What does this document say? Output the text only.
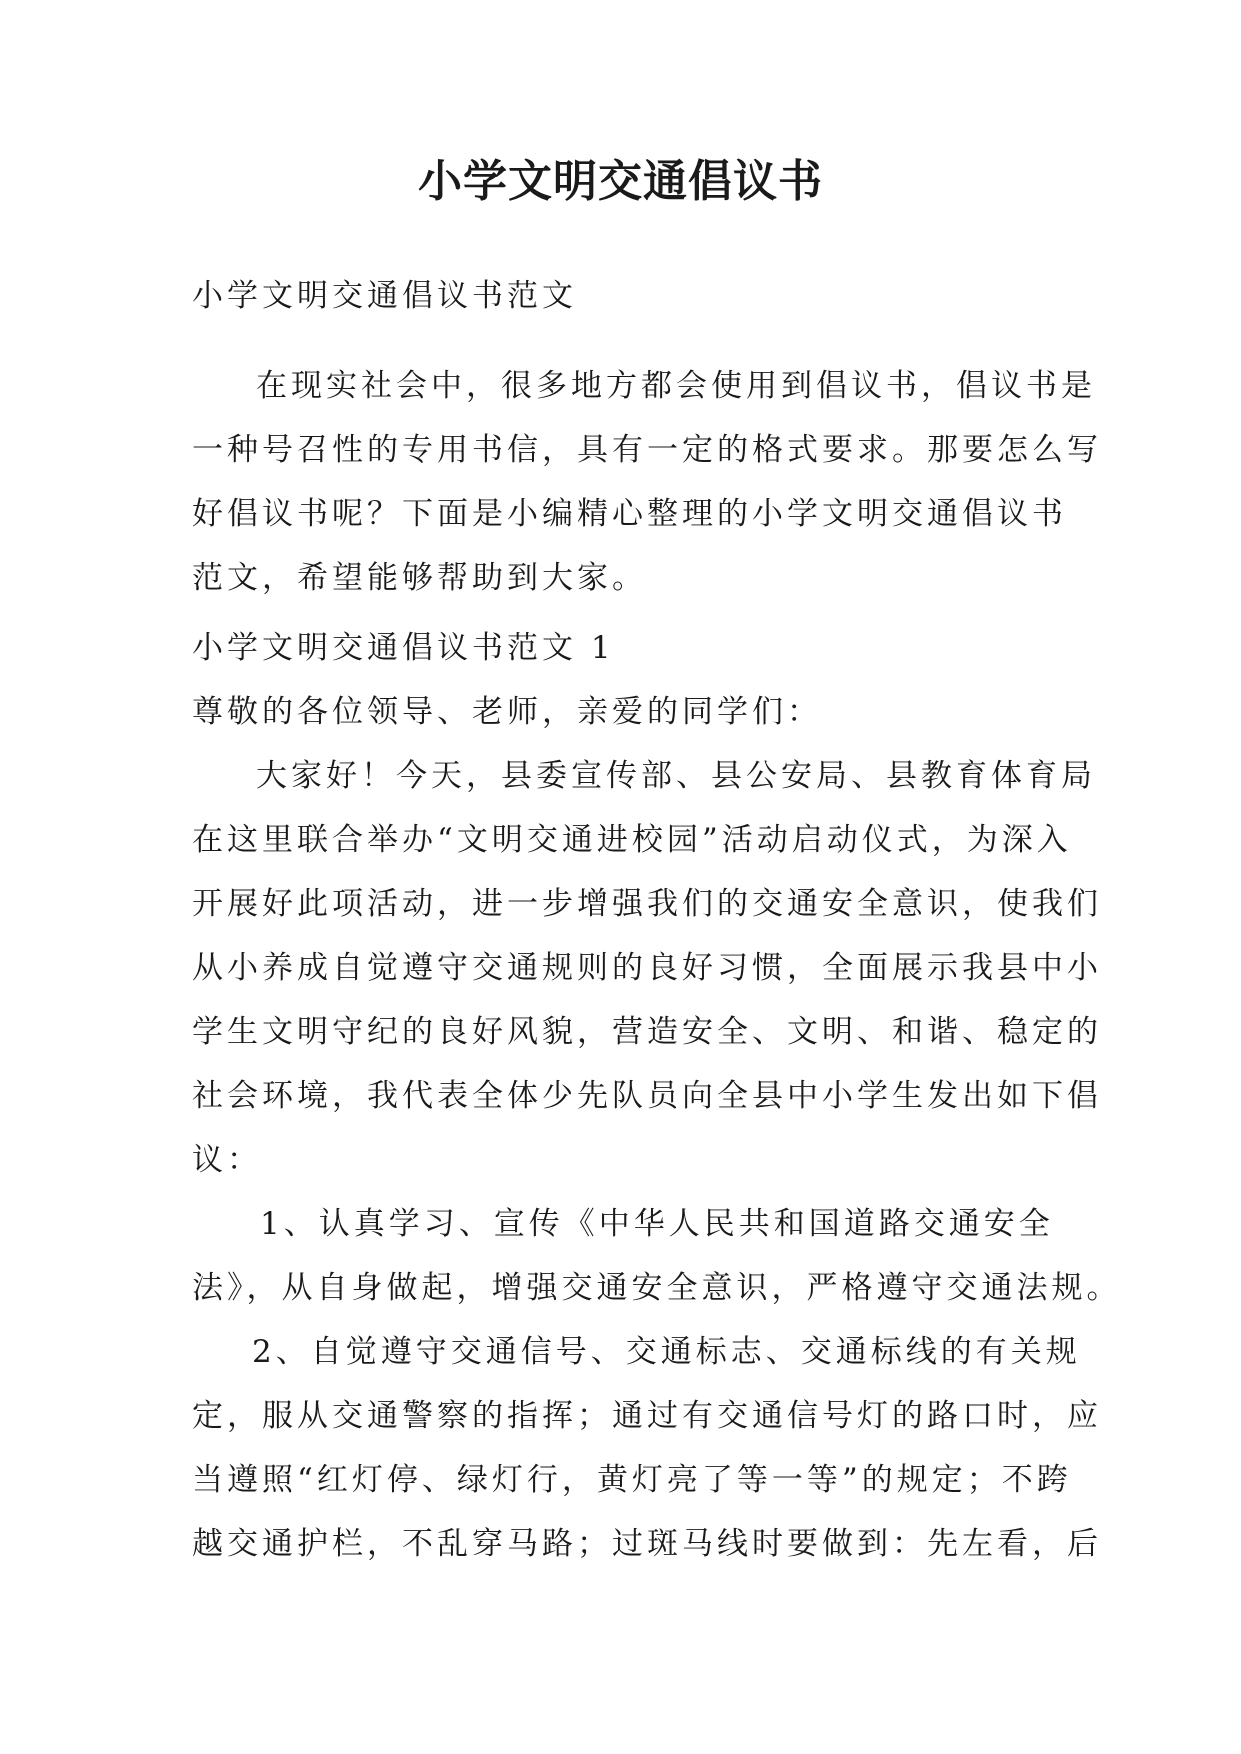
小学文明交通倡议书
小学文明交通倡议书范文
在现实社会中，很多地方都会使用到倡议书，倡议书是
一种号召性的专用书信，具有一定的格式要求。那要怎么写
好倡议书呢？下面是小编精心整理的小学文明交通倡议书
范文，希望能够帮助到大家。
小学文明交通倡议书范文 1
尊敬的各位领导、老师，亲爱的同学们：
大家好！今天，县委宣传部、县公安局、县教育体育局
在这里联合举办“文明交通进校园”活动启动仪式，为深入
开展好此项活动，进一步增强我们的交通安全意识，使我们
从小养成自觉遵守交通规则的良好习惯，全面展示我县中小
学生文明守纪的良好风貌，营造安全、文明、和谐、稳定的
社会环境，我代表全体少先队员向全县中小学生发出如下倡
议：
1、认真学习、宣传《中华人民共和国道路交通安全
法》，从自身做起，增强交通安全意识，严格遵守交通法规。
2、自觉遵守交通信号、交通标志、交通标线的有关规
定，服从交通警察的指挥；通过有交通信号灯的路口时，应
当遵照“红灯停、绿灯行，黄灯亮了等一等”的规定；不跨
越交通护栏，不乱穿马路；过斑马线时要做到：先左看，后
